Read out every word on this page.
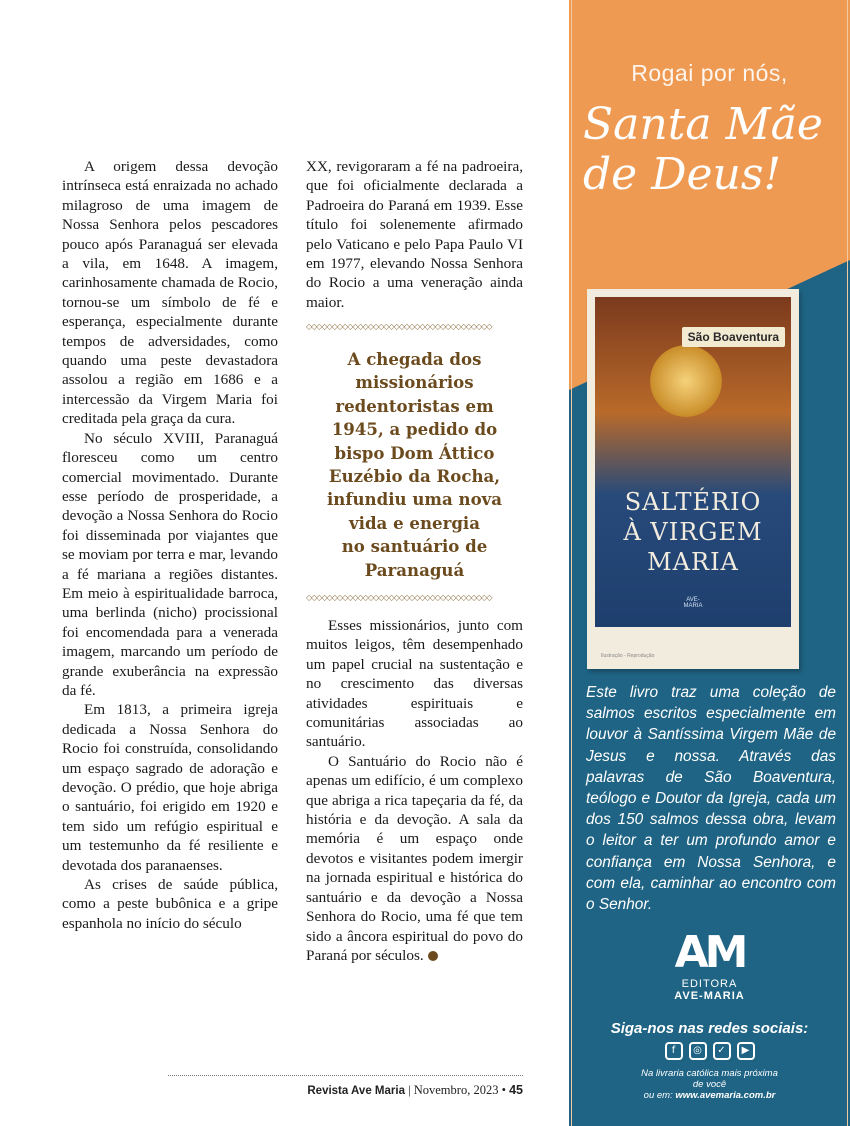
A origem dessa devoção intrínseca está enraizada no achado milagroso de uma imagem de Nossa Senhora pelos pescadores pouco após Paranaguá ser elevada a vila, em 1648. A imagem, carinhosamente chamada de Rocio, tornou-se um símbolo de fé e esperança, especialmente durante tempos de adversidades, como quando uma peste devastadora assolou a região em 1686 e a intercessão da Virgem Maria foi creditada pela graça da cura.

No século XVIII, Paranaguá floresceu como um centro comercial movimentado. Durante esse período de prosperidade, a devoção a Nossa Senhora do Rocio foi disseminada por viajantes que se moviam por terra e mar, levando a fé mariana a regiões distantes. Em meio à espiritualidade barroca, uma berlinda (nicho) procissional foi encomendada para a venerada imagem, marcando um período de grande exuberância na expressão da fé.

Em 1813, a primeira igreja dedicada a Nossa Senhora do Rocio foi construída, consolidando um espaço sagrado de adoração e devoção. O prédio, que hoje abriga o santuário, foi erigido em 1920 e tem sido um refúgio espiritual e um testemunho da fé resiliente e devotada dos paranaenses.

As crises de saúde pública, como a peste bubônica e a gripe espanhola no início do século

XX, revigoraram a fé na padroeira, que foi oficialmente declarada a Padroeira do Paraná em 1939. Esse título foi solenemente afirmado pelo Vaticano e pelo Papa Paulo VI em 1977, elevando Nossa Senhora do Rocio a uma veneração ainda maior.

◇◇◇◇◇◇◇◇◇◇◇◇◇◇◇◇◇◇◇◇◇◇◇◇◇◇◇◇◇◇◇◇◇◇◇◇
A chegada dos
missionários
redentoristas em
1945, a pedido do
bispo Dom Áttico
Euzébio da Rocha,
infundiu uma nova
vida e energia
no santuário de
Paranaguá
◇◇◇◇◇◇◇◇◇◇◇◇◇◇◇◇◇◇◇◇◇◇◇◇◇◇◇◇◇◇◇◇◇◇◇◇

Esses missionários, junto com muitos leigos, têm desempenhado um papel crucial na sustentação e no crescimento das diversas atividades espirituais e comunitárias associadas ao santuário.

O Santuário do Rocio não é apenas um edifício, é um complexo que abriga a rica tapeçaria da fé, da história e da devoção. A sala da memória é um espaço onde devotos e visitantes podem imergir na jornada espiritual e histórica do santuário e da devoção a Nossa Senhora do Rocio, uma fé que tem sido a âncora espiritual do povo do Paraná por séculos.

Revista Ave Maria | Novembro, 2023 • 45
Rogai por nós,
Santa Mãe de Deus!
São Boaventura
SALTÉRIO
À VIRGEM
MARIA
AVE-MARIA
Ilustração - Reprodução
Este livro traz uma coleção de salmos escritos especialmente em louvor à Santíssima Virgem Mãe de Jesus e nossa. Através das palavras de São Boaventura, teólogo e Doutor da Igreja, cada um dos 150 salmos dessa obra, levam o leitor a ter um profundo amor e confiança em Nossa Senhora, e com ela, caminhar ao encontro com o Senhor.
AM
EDITORA
AVE-MARIA
Siga-nos nas redes sociais:
f ◎ ✓ ▶
Na livraria católica mais próxima
de você
ou em: www.avemaria.com.br
